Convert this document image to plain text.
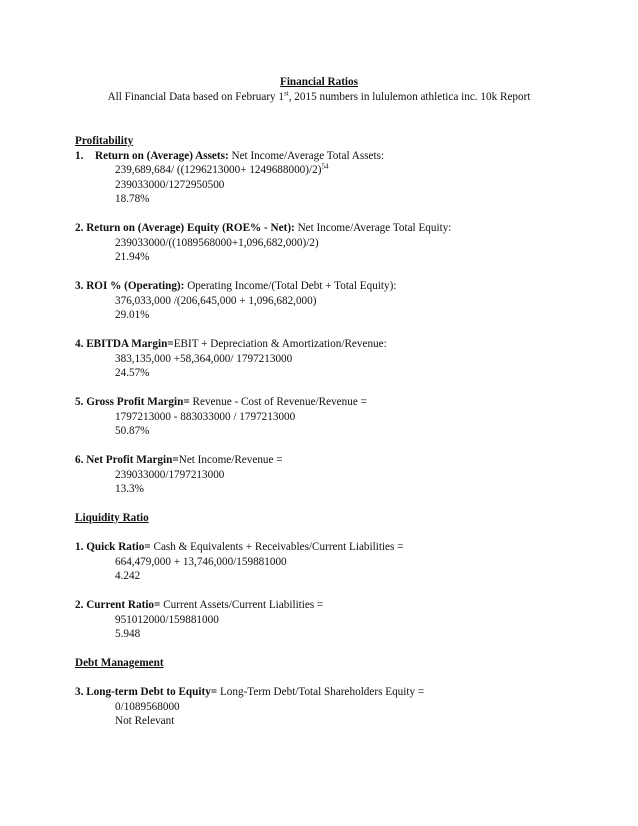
Financial Ratios
All Financial Data based on February 1st, 2015 numbers in lululemon athletica inc. 10k Report
Profitability
1. Return on (Average) Assets: Net Income/Average Total Assets:
239,689,684/ $((1296213000+ 1249688000)/2)^{54}$
239033000/1272950500
18.78%
2. Return on (Average) Equity (ROE% - Net): Net Income/Average Total Equity:
239033000/((1089568000+1,096,682,000)/2)
21.94%
3. ROI % (Operating): Operating Income/(Total Debt + Total Equity):
376,033,000 /(206,645,000 + 1,096,682,000)
29.01%
4. EBITDA Margin=EBIT + Depreciation & Amortization/Revenue:
383,135,000 +58,364,000/ 1797213000
24.57%
5. Gross Profit Margin= Revenue - Cost of Revenue/Revenue =
1797213000 - 883033000 / 1797213000
50.87%
6. Net Profit Margin=Net Income/Revenue =
239033000/1797213000
13.3%
Liquidity Ratio
1. Quick Ratio= Cash & Equivalents + Receivables/Current Liabilities =
664,479,000 + 13,746,000/159881000
4.242
2. Current Ratio= Current Assets/Current Liabilities =
951012000/159881000
5.948
Debt Management
3. Long-term Debt to Equity= Long-Term Debt/Total Shareholders Equity =
0/1089568000
Not Relevant
